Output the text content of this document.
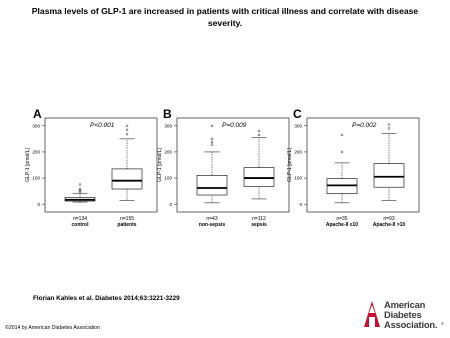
Plasma levels of GLP-1 are increased in patients with critical illness and correlate with disease severity.
A
GLP-1 [pmol/L]
0
100
200
300	P<0.001
n=134
control
n=155
patients
B
GLP-1 [pmol/L]
0
100
200
300	P=0.009
n=43
non-sepsis
n=112
sepsis
C
GLP-1 [pmol/L]
0
100
200
300	P=0.002
n=35
Apache-II ≤10
n=93
Apache-II >10
Florian Kahles et al. Diabetes 2014;63:3221-3229
©2014 by American Diabetes Association
American
Diabetes
Association. ®
